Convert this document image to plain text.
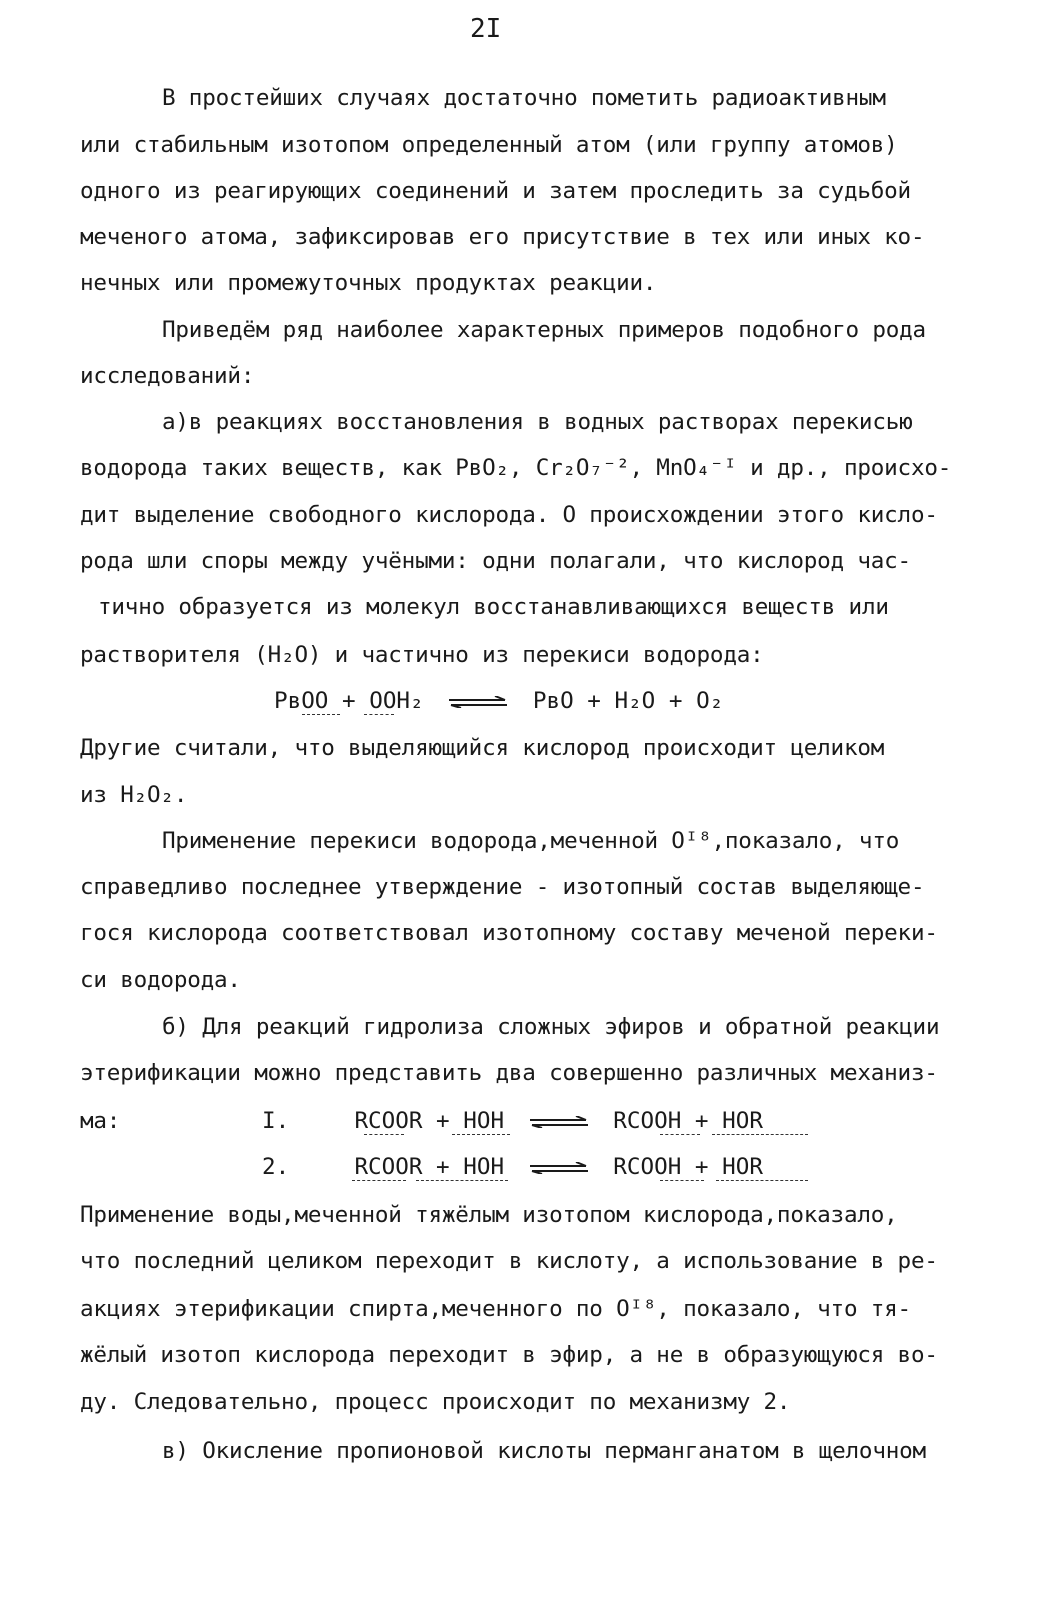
2I
В простейших случаях достаточно пометить радиоактивным
или стабильным изотопом определенный атом (или группу атомов)
одного из реагирующих соединений и затем проследить за судьбой
меченого атома, зафиксировав его присутствие в тех или иных ко-
нечных или промежуточных продуктах реакции.
Приведём ряд наиболее характерных примеров подобного рода
исследований:
а)в реакциях восстановления в водных растворах перекисью
водорода таких веществ, как РвO₂, Cr₂O₇⁻², MnO₄⁻ᴵ и др., происхо-
дит выделение свободного кислорода. О происхождении этого кисло-
рода шли споры между учёными: одни полагали, что кислород час-
тично образуется из молекул восстанавливающихся веществ или
растворителя (H₂O) и частично из перекиси водорода:
РвOO + OOH₂ ⇌ РвO + H₂O + O₂
Другие считали, что выделяющийся кислород происходит целиком
из H₂O₂.
Применение перекиси водорода,меченной Oᴵ⁸,показало, что
справедливо последнее утверждение - изотопный состав выделяюще-
гося кислорода соответствовал изотопному составу меченой переки-
си водорода.
б) Для реакций гидролиза сложных эфиров и обратной реакции
этерификации можно представить два совершенно различных механиз-
ма:	I.	RCOOR + HOH ⇌ RCOOH + HOR
2.	RCOOR + HOH ⇌ RCOOH + HOR
Применение воды,меченной тяжёлым изотопом кислорода,показало,
что последний целиком переходит в кислоту, а использование в ре-
акциях этерификации спирта,меченного по Oᴵ⁸, показало, что тя-
жёлый изотоп кислорода переходит в эфир, а не в образующуюся во-
ду. Следовательно, процесс происходит по механизму 2.
в) Окисление пропионовой кислоты перманганатом в щелочном
